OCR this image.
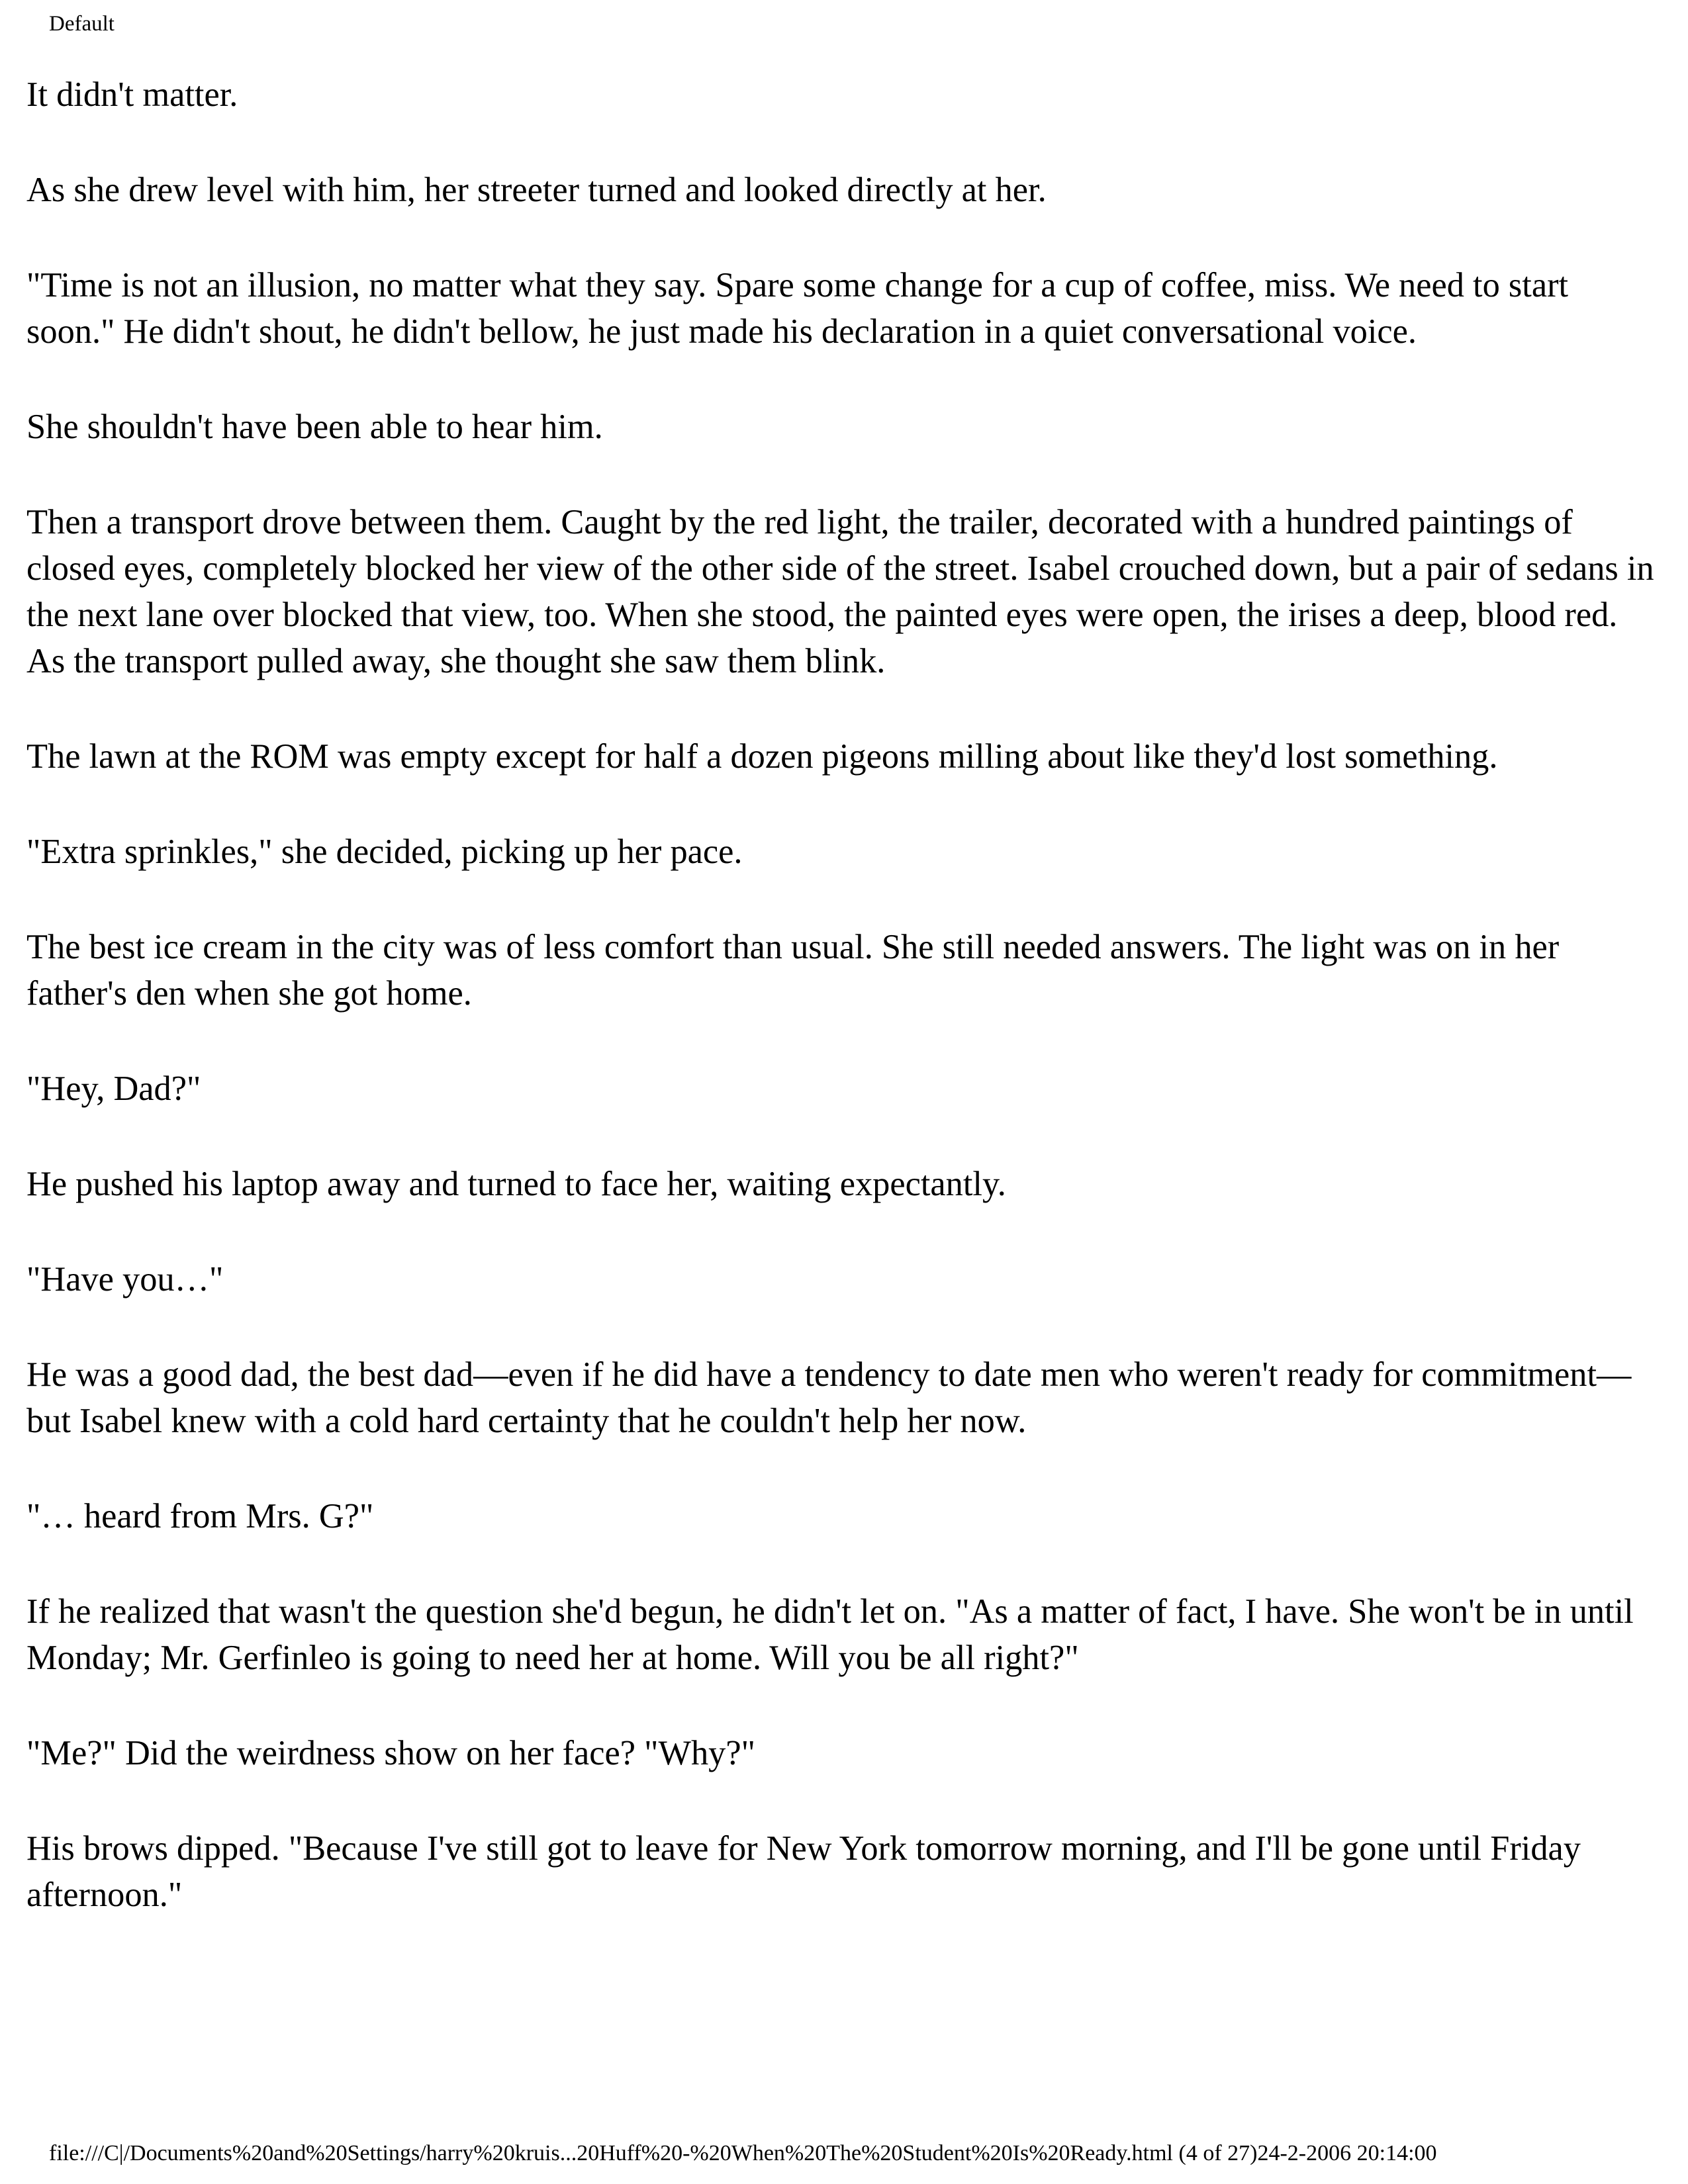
Default

It didn't matter.

As she drew level with him, her streeter turned and looked directly at her.

"Time is not an illusion, no matter what they say. Spare some change for a cup of coffee, miss. We need to start soon." He didn't shout, he didn't bellow, he just made his declaration in a quiet conversational voice.

She shouldn't have been able to hear him.

Then a transport drove between them. Caught by the red light, the trailer, decorated with a hundred paintings of closed eyes, completely blocked her view of the other side of the street. Isabel crouched down, but a pair of sedans in the next lane over blocked that view, too. When she stood, the painted eyes were open, the irises a deep, blood red. As the transport pulled away, she thought she saw them blink.

The lawn at the ROM was empty except for half a dozen pigeons milling about like they'd lost something.

"Extra sprinkles," she decided, picking up her pace.

The best ice cream in the city was of less comfort than usual. She still needed answers. The light was on in her father's den when she got home.

"Hey, Dad?"

He pushed his laptop away and turned to face her, waiting expectantly.

"Have you…"

He was a good dad, the best dad—even if he did have a tendency to date men who weren't ready for commitment— but Isabel knew with a cold hard certainty that he couldn't help her now.

"… heard from Mrs. G?"

If he realized that wasn't the question she'd begun, he didn't let on. "As a matter of fact, I have. She won't be in until Monday; Mr. Gerfinleo is going to need her at home. Will you be all right?"

"Me?" Did the weirdness show on her face? "Why?"

His brows dipped. "Because I've still got to leave for New York tomorrow morning, and I'll be gone until Friday afternoon."

file:///C|/Documents%20and%20Settings/harry%20kruis...20Huff%20-%20When%20The%20Student%20Is%20Ready.html (4 of 27)24-2-2006 20:14:00
